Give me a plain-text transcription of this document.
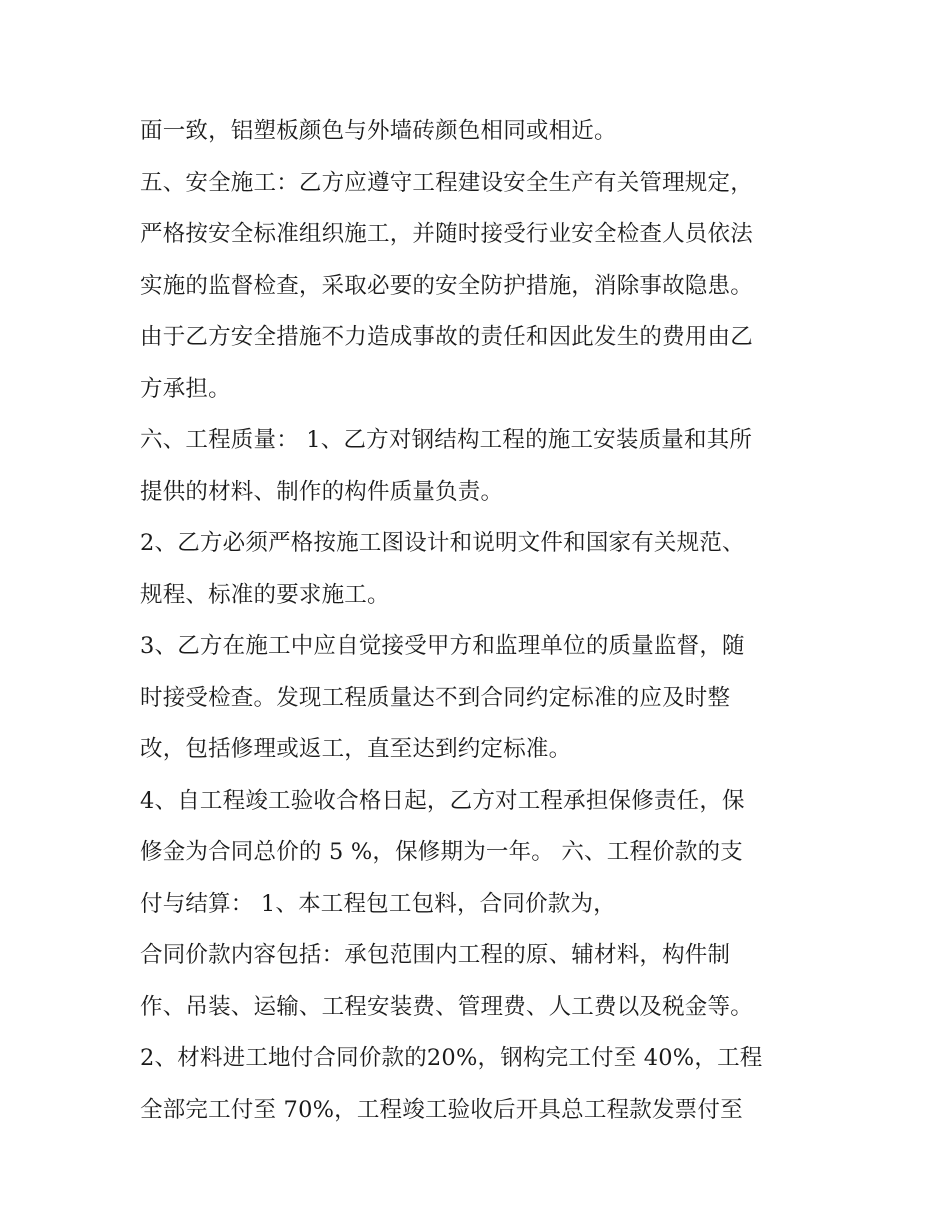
面一致，铝塑板颜色与外墙砖颜色相同或相近。
五、安全施工：乙方应遵守工程建设安全生产有关管理规定，
严格按安全标准组织施工，并随时接受行业安全检查人员依法
实施的监督检查，采取必要的安全防护措施，消除事故隐患。
由于乙方安全措施不力造成事故的责任和因此发生的费用由乙
方承担。
六、工程质量： 1、乙方对钢结构工程的施工安装质量和其所
提供的材料、制作的构件质量负责。
2、乙方必须严格按施工图设计和说明文件和国家有关规范、
规程、标准的要求施工。
3、乙方在施工中应自觉接受甲方和监理单位的质量监督，随
时接受检查。发现工程质量达不到合同约定标准的应及时整
改，包括修理或返工，直至达到约定标准。
4、自工程竣工验收合格日起，乙方对工程承担保修责任，保
修金为合同总价的 5 %，保修期为一年。 六、工程价款的支
付与结算： 1、本工程包工包料，合同价款为，
合同价款内容包括：承包范围内工程的原、辅材料，构件制
作、吊装、运输、工程安装费、管理费、人工费以及税金等。
2、材料进工地付合同价款的20%，钢构完工付至 40%，工程
全部完工付至 70%，工程竣工验收后开具总工程款发票付至
